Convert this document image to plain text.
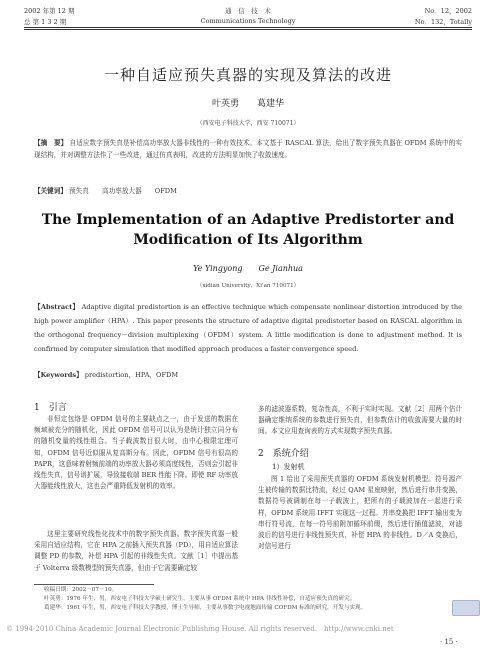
2002 年第 12 期
总 第 1 3 2 期
通　信　技　术
Communications Technology
No．12，2002
No．132，Totally
一种自适应预失真器的实现及算法的改进
叶英勇　　葛建华
（西安电子科技大学，西安 710071）
【摘　要】 自适应数字预失真是补偿高功率放大器非线性的一种有效技术。本文基于 RASCAL 算法，给出了数字预失真器在 OFDM 系统中的实现结构，并对调整方法作了一些改进，通过仿真表明，改进的方法明显加快了收敛速度。
【关键词】 预失真　　高功率放大器　　OFDM
The Implementation of an Adaptive Predistorter and
Modification of Its Algorithm
Ye Yingyong　　Ge Jianhua
（xidian University，Xi'an 710071）
【Abstract】 Adaptive digital predistortion is an effective technique which compensate nonlinear distortion introduced by the high power amplifier（HPA）. This paper presents the structure of adaptive digital predistorter based on RASCAL algorithm in the orthogonal frequency－division multiplexing（OFDM）system. A little modification is done to adjustment method. It is confirmed by computer simulation that modified approach produces a faster convergence speed.
【Keywords】 predistortion，HPA，OFDM
1　引言
非恒定包络是 OFDM 信号的主要缺点之一，由于发送的数据在频域被充分的随机化，因此 OFDM 信号可以认为是统计独立同分布的随机变量的线性组合。当子载波数目很大时，由中心极限定理可知，OFDM 信号近似服从复高斯分布。因此，OFDM 信号有很高的 PAPR，这意味着射频前端的功率放大器必须高度线性，否则会引起非线性失真，信号谱扩展，导致接收端 BER 性能下降。即使 RF 功率放大器能线性放大，这也会严重降低发射机的效率。
这里主要研究线性化技术中的数字预失真器。数字预失真器一般采用自适应结构，它在 HPA 之前插入预失真器（PD），用自适应算法调整 PD 的参数，补偿 HPA 引起的非线性失真。文献［1］中提出基于 Volterra 级数模型的预失真器，但由于它需要确定较
多的滤波器系数，复杂性高，不利于实时实现。文献［2］用两个估计器确定维纳系统的参数进行预失真，但参数估计的收敛需要大量的时间。本文应用查询表的方式实现数字预失真器。
2　系统介绍
1）发射机
图 1 给出了采用预失真器的 OFDM 系统发射机模型。符号源产生被传输的数据比特流，经过 QAM 星座映射，然后进行串并变换，数据符号被调制在每一子载波上，把所有的子载波加在一起进行采样，OFDM 系统用 IFFT 实现这一过程。并串变换把 IFFT 输出变为串行符号流，在每一符号前附加循环前缀，然后进行插值滤波，对滤波后的信号进行非线性预失真，补偿 HPA 的非线性。D／A 变换后，对信号进行
收稿日期：2002－07－10。
叶英勇：1976 年生，男，西安电子科技大学硕士研究生，主要从事 OFDM 系统中 HPA 非线性补偿，自适应预失真的研究。
葛建华：1961 年生，男，西安电子科技大学教授，博士生导师，主要从事数字电视地面传输 COFDM 标准的研究，开发与实现。
© 1994-2010 China Academic Journal Electronic Publishing House. All rights reserved.　http://www.cnki.net
· 15 ·
